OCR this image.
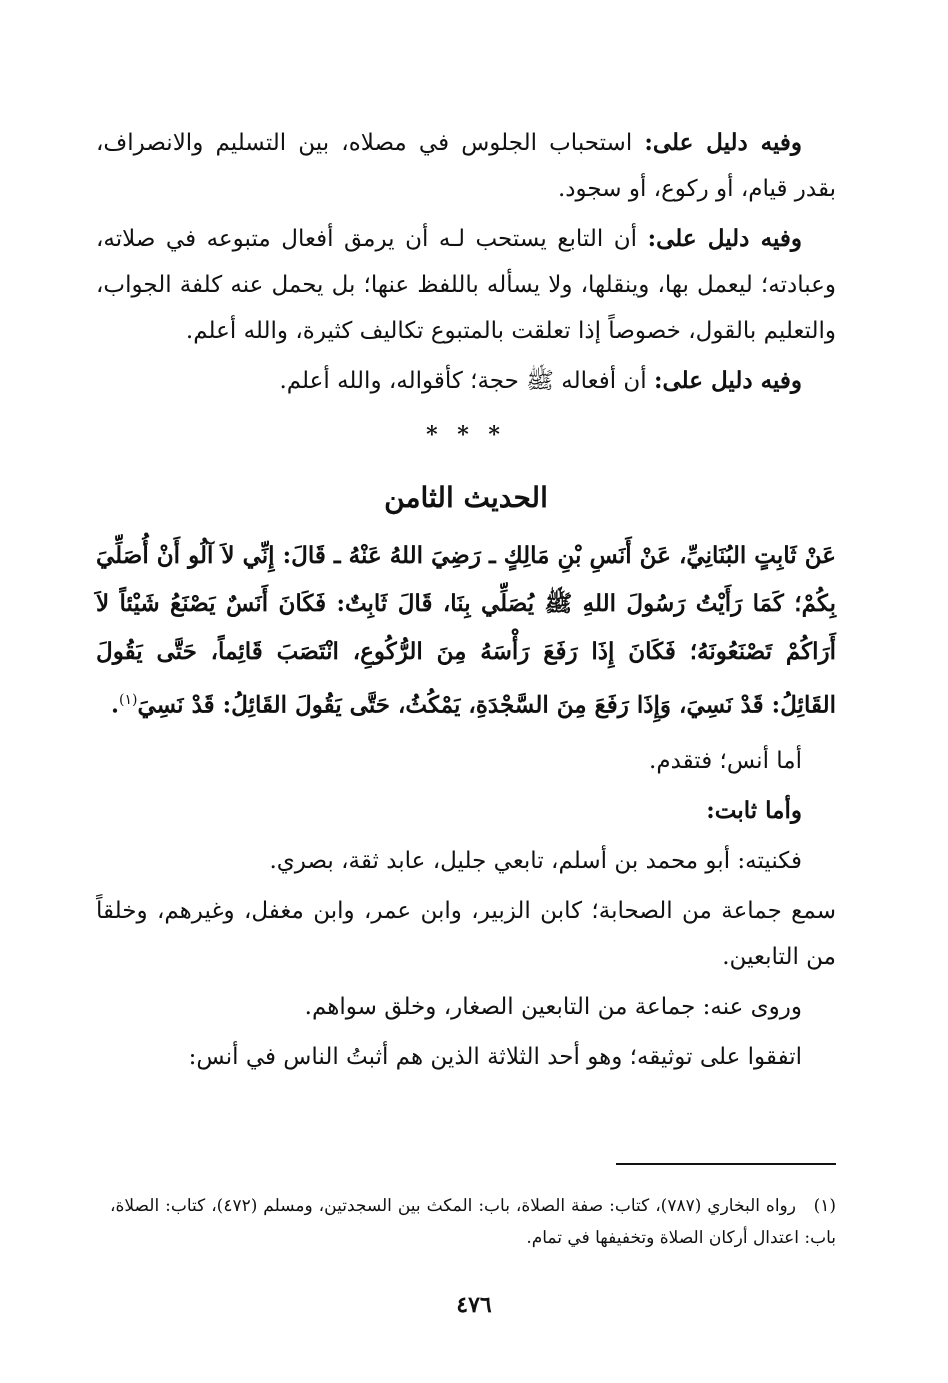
وفيه دليل على: استحباب الجلوس في مصلاه، بين التسليم والانصراف، بقدر قيام، أو ركوع، أو سجود.

وفيه دليل على: أن التابع يستحب لـه أن يرمق أفعال متبوعه في صلاته، وعبادته؛ ليعمل بها، وينقلها، ولا يسأله باللفظ عنها؛ بل يحمل عنه كلفة الجواب، والتعليم بالقول، خصوصاً إذا تعلقت بالمتبوع تكاليف كثيرة، والله أعلم.

وفيه دليل على: أن أفعاله ﷺ حجة؛ كأقواله، والله أعلم.

* * *
الحديث الثامن

عَنْ ثَابِتٍ البُنَانِيِّ، عَنْ أَنَسِ بْنِ مَالِكٍ ـ رَضِيَ اللهُ عَنْهُ ـ قَالَ: إِنِّي لاَ آلُو أَنْ أُصَلِّيَ بِكُمْ؛ كَمَا رَأَيْتُ رَسُولَ اللهِ ﷺ يُصَلِّي بِنَا، قَالَ ثَابِتٌ: فَكَانَ أَنَسٌ يَصْنَعُ شَيْئاً لاَ أَرَاكُمْ تَصْنَعُونَهُ؛ فَكَانَ إِذَا رَفَعَ رَأْسَهُ مِنَ الرُّكُوعِ، انْتَصَبَ قَائِماً، حَتَّى يَقُولَ القَائِلُ: قَدْ نَسِيَ، وَإِذَا رَفَعَ مِنَ السَّجْدَةِ، يَمْكُثُ، حَتَّى يَقُولَ القَائِلُ: قَدْ نَسِيَ$^{(١)}$.

أما أنس؛ فتقدم.

وأما ثابت:

فكنيته: أبو محمد بن أسلم، تابعي جليل، عابد ثقة، بصري.

سمع جماعة من الصحابة؛ كابن الزبير، وابن عمر، وابن مغفل، وغيرهم، وخلقاً من التابعين.

وروى عنه: جماعة من التابعين الصغار، وخلق سواهم.

اتفقوا على توثيقه؛ وهو أحد الثلاثة الذين هم أثبتُ الناس في أنس:

(١)رواه البخاري (٧٨٧)، كتاب: صفة الصلاة، باب: المكث بين السجدتين، ومسلم (٤٧٢)، كتاب: الصلاة، باب: اعتدال أركان الصلاة وتخفيفها في تمام.
٤٧٦
